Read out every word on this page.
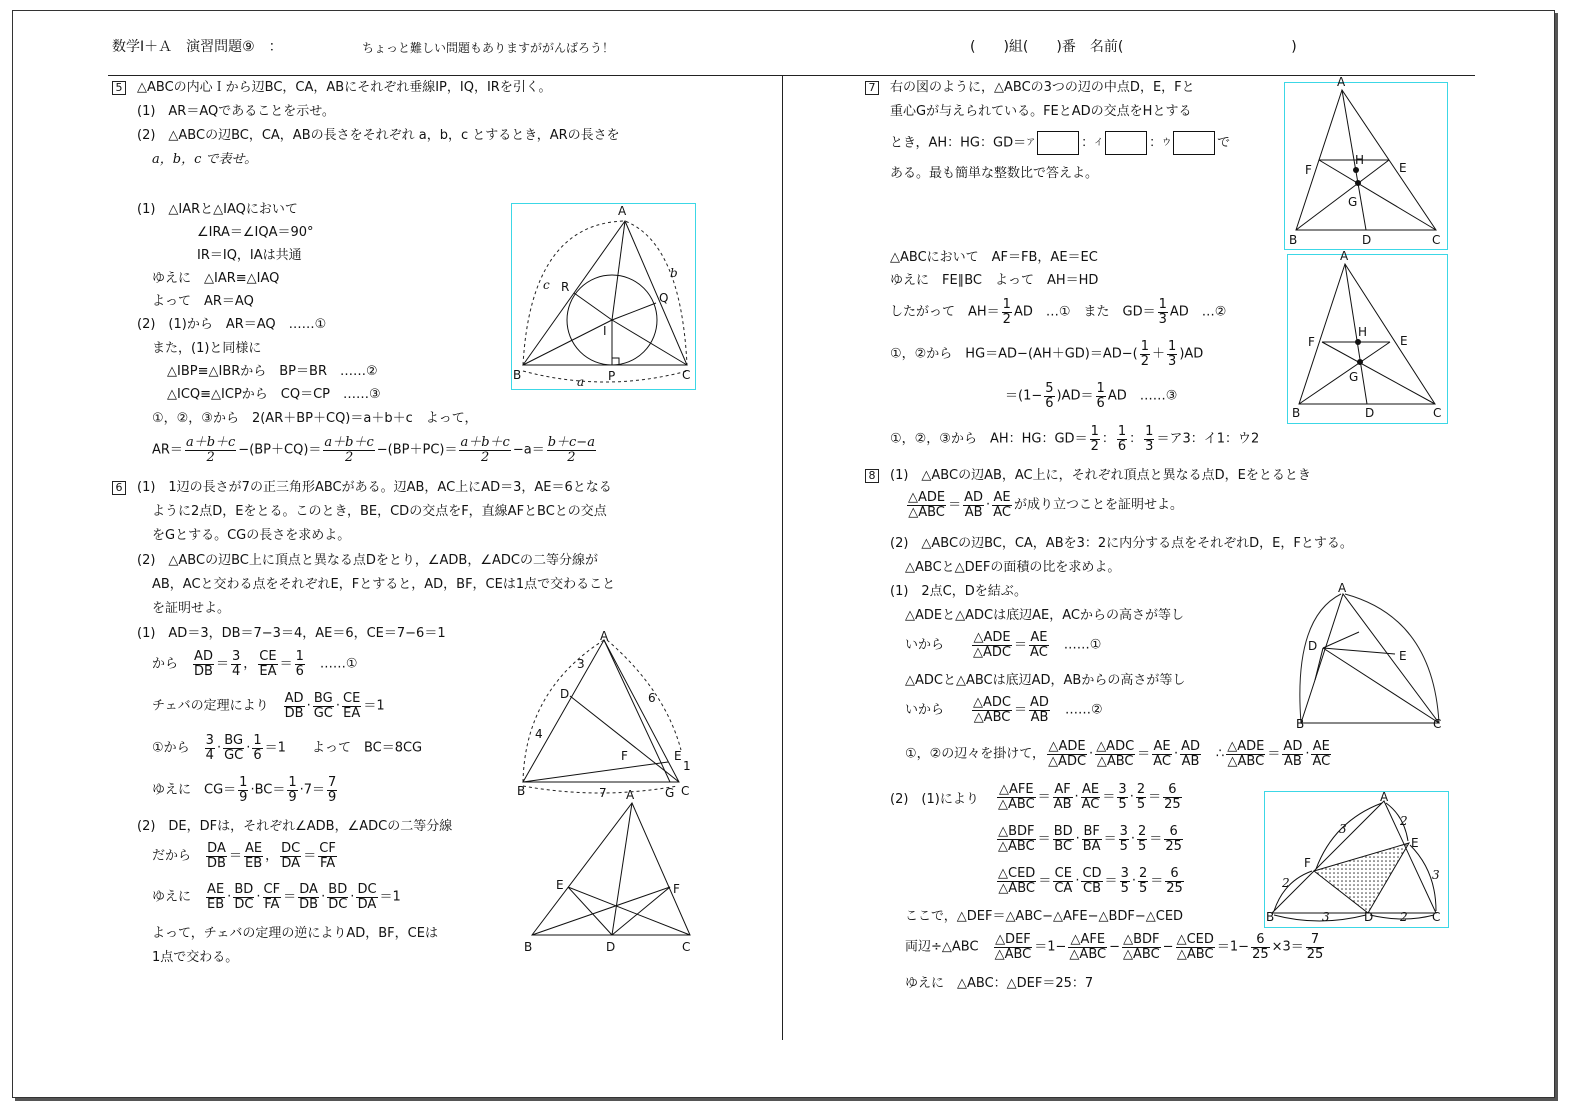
数学Ⅰ＋Ａ　演習問題⑨　：	ちょっと難しい問題もありますががんばろう！	(　　)組(　　)番　名前(　　　　　　　　　　　　)
5 △ABCの内心Ｉから辺BC，CA，ABにそれぞれ垂線IP，IQ，IRを引く。
(1)　AR＝AQであることを示せ。
(2)　△ABCの辺BC，CA，ABの長さをそれぞれ a，b，c とするとき，ARの長さを
a，b，c で表せ。
(1)　△IARと△IAQにおいて
∠IRA＝∠IQA＝90°
IR＝IQ，IAは共通
ゆえに　△IAR≡△IAQ
よって　AR＝AQ
(2)　(1)から　AR＝AQ　……①
また，(1)と同様に
△IBP≡△IBRから　BP＝BR　……②
△ICQ≡△ICPから　CQ＝CP　……③
①，②，③から　2(AR＋BP＋CQ)＝a＋b＋c　よって，
$AR= \frac{a+b+c}{2} -(BP+CQ)= \frac{a+b+c}{2} -(BP+PC)= \frac{a+b+c}{2} -a= \frac{b+c-a}{2}$
A
B	C
R
Q
I
P
c
b
a
6 (1)　1辺の長さが7の正三角形ABCがある。辺AB，AC上にAD＝3，AE＝6となる
ように2点D，Eをとる。このとき，BE，CDの交点をF，直線AFとBCとの交点
をGとする。CGの長さを求めよ。
(2)　△ABCの辺BC上に頂点と異なる点Dをとり，∠ADB，∠ADCの二等分線が
AB，ACと交わる点をそれぞれE，Fとすると，AD，BF，CEは1点で交わること
を証明せよ。
(1)　AD＝3，DB＝7−3＝4，AE＝6，CE＝7−6＝1
から　 $\frac{AD}{DB} = \frac{3}{4}$ ， $\frac{CE}{EA} = \frac{1}{6}$
　 ……①
チェバの定理により　 $\frac{AD}{DB} \cdot \frac{BG}{GC} \cdot \frac{CE}{EA} =1$
①から　 $\frac{3}{4} \cdot \frac{BG}{GC} \cdot \frac{1}{6} =1$　　よって　BC＝8CG
ゆえに　$CG= \frac{1}{9} \cdot BC= \frac{1}{9} \cdot 7= \frac{7}{9}$
(2)　DE，DFは，それぞれ∠ADB，∠ADCの二等分線
だから　 $\frac{DA}{DB} = \frac{AE}{EB}$ ， $\frac{DC}{DA} = \frac{CF}{FA}$
ゆえに　 $\frac{AE}{EB} \cdot \frac{BD}{DC} \cdot \frac{CF}{FA} = \frac{DA}{DB} \cdot \frac{BD}{DC} \cdot \frac{DC}{DA} =1$
よって，チェバの定理の逆によりAD，BF，CEは
1点で交わる。
A
B	C
D
E
F
G
3
4
6
7
1
A
B	C
D
E	F
7 右の図のように，△ABCの3つの辺の中点D，E，Fと
重心Gが与えられている。FEとADの交点をHとする
とき，AH：HG：GD＝$^ア$	：$^イ$	：$^ウ$	で
ある。最も簡単な整数比で答えよ。
△ABCにおいて　AF＝FB，AE＝EC
ゆえに　FE∥BC　よって　AH＝HD
したがって　$AH= \frac{1}{2}$ AD　…①　また　$GD= \frac{1}{3}$ AD　…②
①，②から　$HG=AD-(AH+GD)=AD-( \frac{1}{2} + \frac{1}{3} )AD$
$=(1- \frac{5}{6} )AD= \frac{1}{6}$ AD　……③
①，②，③から　AH：HG：$GD= \frac{1}{2}$ ： $\frac{1}{6}$ ： $\frac{1}{3}$ ＝ア3：イ1：ウ2
A
B	C
D
E
F
G
H
A
B	C
D
E
F
G
H
8 (1)　△ABCの辺AB，AC上に，それぞれ頂点と異なる点D，Eをとるとき
△ADE
△ABC ＝ $\frac{AD}{AB} \cdot \frac{AE}{AC}$ が成り立つことを証明せよ。
(2)　△ABCの辺BC，CA，ABを3：2に内分する点をそれぞれD，E，Fとする。
△ABCと△DEFの面積の比を求めよ。
(1)　2点C，Dを結ぶ。
△ADEと△ADCは底辺AE，ACからの高さが等し
いから　　
△ADE
△ADC ＝ $\frac{AE}{AC}$
　 ……①
△ADCと△ABCは底辺AD，ABからの高さが等し
いから　　
△ADC
△ABC ＝ $\frac{AD}{AB}$
　 ……②
①，②の辺々を掛けて，
△ADE
△ADC ·
△ADC
△ABC ＝ $\frac{AE}{AC} \cdot \frac{AD}{AB}$
　 ∴
△ADE
△ABC ＝ $\frac{AD}{AB} \cdot \frac{AE}{AC}$
(2)　(1)により
△AFE
△ABC ＝ $\frac{AF}{AB} \cdot \frac{AE}{AC} = \frac{3}{5} \cdot \frac{2}{5} = \frac{6}{25}$
△BDF
△ABC ＝ $\frac{BD}{BC} \cdot \frac{BF}{BA} = \frac{3}{5} \cdot \frac{2}{5} = \frac{6}{25}$
△CED
△ABC ＝ $\frac{CE}{CA} \cdot \frac{CD}{CB} = \frac{3}{5} \cdot \frac{2}{5} = \frac{6}{25}$
ここで，△DEF＝△ABC−△AFE−△BDF−△CED
両辺÷△ABC　
△DEF
△ABC ＝1−
△AFE
△ABC −
△BDF
△ABC −
△CED
△ABC $=1- \frac{6}{25} \times 3= \frac{7}{25}$
ゆえに　△ABC：△DEF＝25：7
A
B	C
D
E
A
B	C
D
E
F
3
2
2
3
3	2
